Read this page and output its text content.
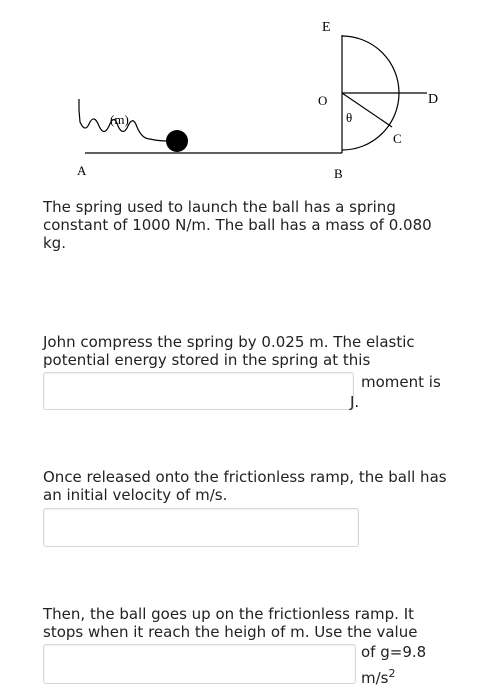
E
O	D
θ
C
(m)
A	B
The spring used to launch the ball has a spring constant of 1000 N/m. The ball has a mass of 0.080 kg.
John compress the spring by 0.025 m. The elastic potential energy stored in the spring at this
moment is
J.
Once released onto the frictionless ramp, the ball has an initial velocity of m/s.
Then, the ball goes up on the frictionless ramp. It stops when it reach the heigh of m. Use the value
of g=9.8
$m/s^2$
